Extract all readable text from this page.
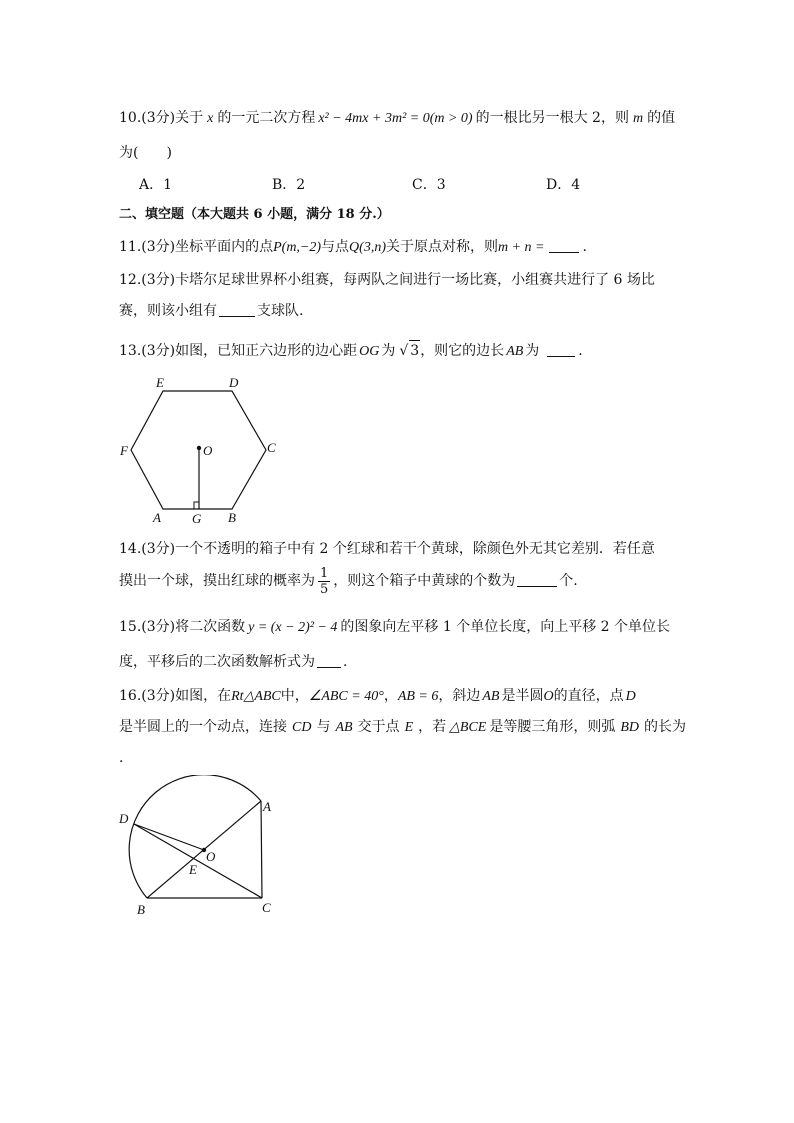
10.(3分)关于 x 的一元二次方程 x² − 4mx + 3m² = 0(m > 0) 的一根比另一根大 2，则 m 的值
为(　　)
A．1	B．2	C．3	D．4
二、填空题（本大题共 6 小题，满分 18 分.）
11.(3分)坐标平面内的点P(m,−2)与点Q(3,n)关于原点对称，则m + n =	.
12.(3分)卡塔尔足球世界杯小组赛，每两队之间进行一场比赛，小组赛共进行了 6 场比
赛，则该小组有	支球队.
13.(3分)如图，已知正六边形的边心距 OG 为 √ 3，则它的边长 AB 为	.
E	D
F	C
O
A G B
14.(3分)一个不透明的箱子中有 2 个红球和若干个黄球，除颜色外无其它差别．若任意
摸出一个球，摸出红球的概率为 $\frac{1}{5}$ ，则这个箱子中黄球的个数为	个.
15.(3分)将二次函数 y = (x − 2)² − 4 的图象向左平移 1 个单位长度，向上平移 2 个单位长
度，平移后的二次函数解析式为 .
16.(3分)如图，在Rt△ABC中，∠ABC = 40°，AB = 6，斜边 AB 是半圆O的直径，点 D
是半圆上的一个动点，连接 CD 与 AB 交于点 E ，若 △BCE 是等腰三角形，则弧 BD 的长为
.
D
A
O
E
B	C
